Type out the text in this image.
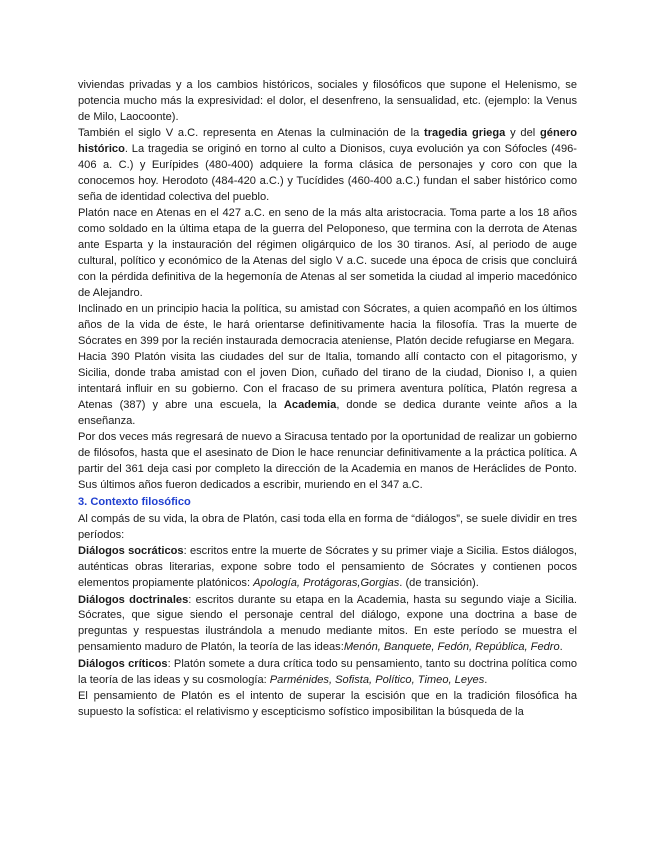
viviendas privadas y a los cambios históricos, sociales y filosóficos que supone el Helenismo, se potencia mucho más la expresividad: el dolor, el desenfreno, la sensualidad, etc. (ejemplo: la Venus de Milo, Laocoonte).

También el siglo V a.C. representa en Atenas la culminación de la tragedia griega y del género histórico. La tragedia se originó en torno al culto a Dionisos, cuya evolución ya con Sófocles (496-406 a. C.) y Eurípides (480-400) adquiere la forma clásica de personajes y coro con que la conocemos hoy. Herodoto (484-420 a.C.) y Tucídides (460-400 a.C.) fundan el saber histórico como seña de identidad colectiva del pueblo.

Platón nace en Atenas en el 427 a.C. en seno de la más alta aristocracia. Toma parte a los 18 años como soldado en la última etapa de la guerra del Peloponeso, que termina con la derrota de Atenas ante Esparta y la instauración del régimen oligárquico de los 30 tiranos. Así, al periodo de auge cultural, político y económico de la Atenas del siglo V a.C. sucede una época de crisis que concluirá con la pérdida definitiva de la hegemonía de Atenas al ser sometida la ciudad al imperio macedónico de Alejandro.

Inclinado en un principio hacia la política, su amistad con Sócrates, a quien acompañó en los últimos años de la vida de éste, le hará orientarse definitivamente hacia la filosofía. Tras la muerte de Sócrates en 399 por la recién instaurada democracia ateniense, Platón decide refugiarse en Megara.

Hacia 390 Platón visita las ciudades del sur de Italia, tomando allí contacto con el pitagorismo, y Sicilia, donde traba amistad con el joven Dion, cuñado del tirano de la ciudad, Dioniso I, a quien intentará influir en su gobierno. Con el fracaso de su primera aventura política, Platón regresa a Atenas (387) y abre una escuela, la Academia, donde se dedica durante veinte años a la enseñanza.

Por dos veces más regresará de nuevo a Siracusa tentado por la oportunidad de realizar un gobierno de filósofos, hasta que el asesinato de Dion le hace renunciar definitivamente a la práctica política. A partir del 361 deja casi por completo la dirección de la Academia en manos de Heráclides de Ponto. Sus últimos años fueron dedicados a escribir, muriendo en el 347 a.C.

3. Contexto filosófico

Al compás de su vida, la obra de Platón, casi toda ella en forma de “diálogos”, se suele dividir en tres períodos:

Diálogos socráticos: escritos entre la muerte de Sócrates y su primer viaje a Sicilia. Estos diálogos, auténticas obras literarias, expone sobre todo el pensamiento de Sócrates y contienen pocos elementos propiamente platónicos: Apología, Protágoras,Gorgias. (de transición).

Diálogos doctrinales: escritos durante su etapa en la Academia, hasta su segundo viaje a Sicilia. Sócrates, que sigue siendo el personaje central del diálogo, expone una doctrina a base de preguntas y respuestas ilustrándola a menudo mediante mitos. En este período se muestra el pensamiento maduro de Platón, la teoría de las ideas:Menón, Banquete, Fedón, República, Fedro.

Diálogos críticos: Platón somete a dura crítica todo su pensamiento, tanto su doctrina política como la teoría de las ideas y su cosmología: Parménides, Sofista, Político, Timeo, Leyes.

El pensamiento de Platón es el intento de superar la escisión que en la tradición filosófica ha supuesto la sofística: el relativismo y escepticismo sofístico imposibilitan la búsqueda de la
